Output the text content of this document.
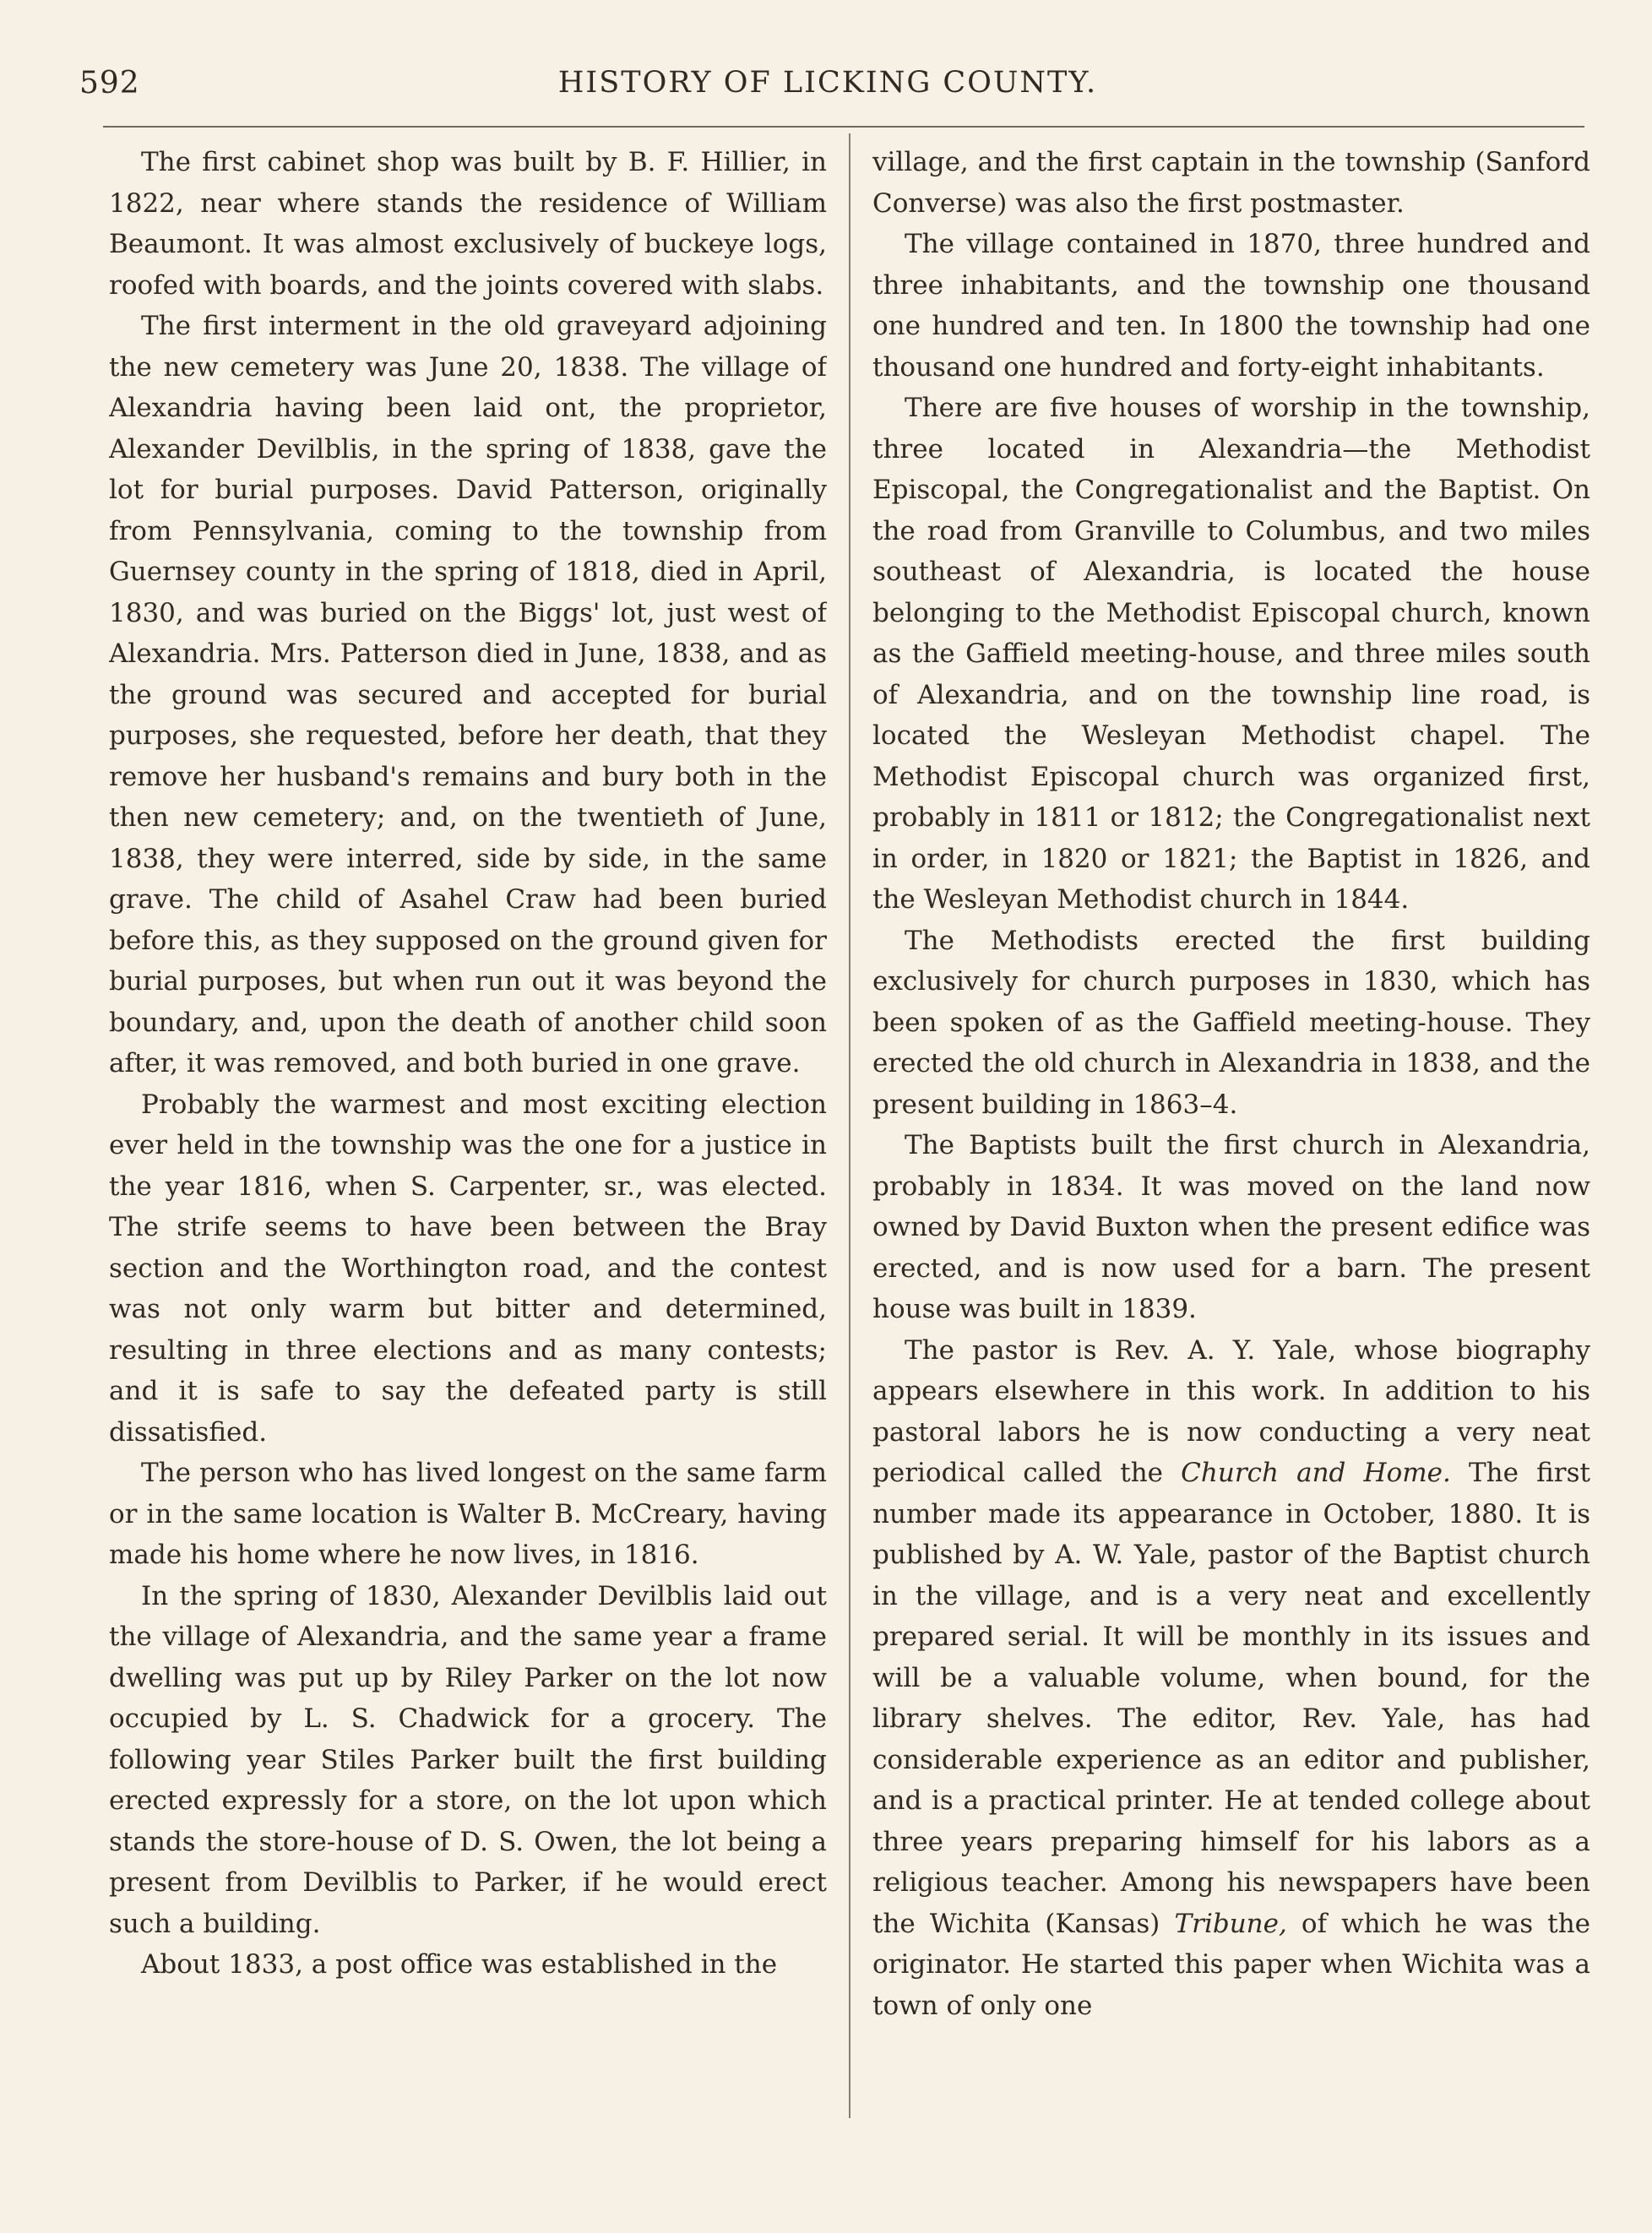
592	HISTORY OF LICKING COUNTY.

The first cabinet shop was built by B. F. Hillier, in 1822, near where stands the residence of William Beaumont. It was almost exclusively of buckeye logs, roofed with boards, and the joints covered with slabs.

The first interment in the old graveyard adjoining the new cemetery was June 20, 1838. The village of Alexandria having been laid ont, the proprietor, Alexander Devilblis, in the spring of 1838, gave the lot for burial purposes. David Patterson, originally from Pennsylvania, coming to the township from Guernsey county in the spring of 1818, died in April, 1830, and was buried on the Biggs' lot, just west of Alexandria. Mrs. Patterson died in June, 1838, and as the ground was secured and accepted for burial purposes, she requested, before her death, that they remove her husband's remains and bury both in the then new cemetery; and, on the twentieth of June, 1838, they were interred, side by side, in the same grave. The child of Asahel Craw had been buried before this, as they supposed on the ground given for burial purposes, but when run out it was beyond the boundary, and, upon the death of another child soon after, it was removed, and both buried in one grave.

Probably the warmest and most exciting election ever held in the township was the one for a justice in the year 1816, when S. Carpenter, sr., was elected. The strife seems to have been between the Bray section and the Worthington road, and the contest was not only warm but bitter and determined, resulting in three elections and as many contests; and it is safe to say the defeated party is still dissatisfied.

The person who has lived longest on the same farm or in the same location is Walter B. McCreary, having made his home where he now lives, in 1816.

In the spring of 1830, Alexander Devilblis laid out the village of Alexandria, and the same year a frame dwelling was put up by Riley Parker on the lot now occupied by L. S. Chadwick for a grocery. The following year Stiles Parker built the first building erected expressly for a store, on the lot upon which stands the store-house of D. S. Owen, the lot being a present from Devilblis to Parker, if he would erect such a building.

About 1833, a post office was established in the

village, and the first captain in the township (Sanford Converse) was also the first postmaster.

The village contained in 1870, three hundred and three inhabitants, and the township one thousand one hundred and ten. In 1800 the township had one thousand one hundred and forty-eight inhabitants.

There are five houses of worship in the township, three located in Alexandria—the Methodist Episcopal, the Congregationalist and the Baptist. On the road from Granville to Columbus, and two miles southeast of Alexandria, is located the house belonging to the Methodist Episcopal church, known as the Gaffield meeting-house, and three miles south of Alexandria, and on the township line road, is located the Wesleyan Methodist chapel. The Methodist Episcopal church was organized first, probably in 1811 or 1812; the Congregationalist next in order, in 1820 or 1821; the Baptist in 1826, and the Wesleyan Methodist church in 1844.

The Methodists erected the first building exclusively for church purposes in 1830, which has been spoken of as the Gaffield meeting-house. They erected the old church in Alexandria in 1838, and the present building in 1863–4.

The Baptists built the first church in Alexandria, probably in 1834. It was moved on the land now owned by David Buxton when the present edifice was erected, and is now used for a barn. The present house was built in 1839.

The pastor is Rev. A. Y. Yale, whose biography appears elsewhere in this work. In addition to his pastoral labors he is now conducting a very neat periodical called the Church and Home. The first number made its appearance in October, 1880. It is published by A. W. Yale, pastor of the Baptist church in the village, and is a very neat and excellently prepared serial. It will be monthly in its issues and will be a valuable volume, when bound, for the library shelves. The editor, Rev. Yale, has had considerable experience as an editor and publisher, and is a practical printer. He at tended college about three years preparing himself for his labors as a religious teacher. Among his newspapers have been the Wichita (Kansas) Tribune, of which he was the originator. He started this paper when Wichita was a town of only one
